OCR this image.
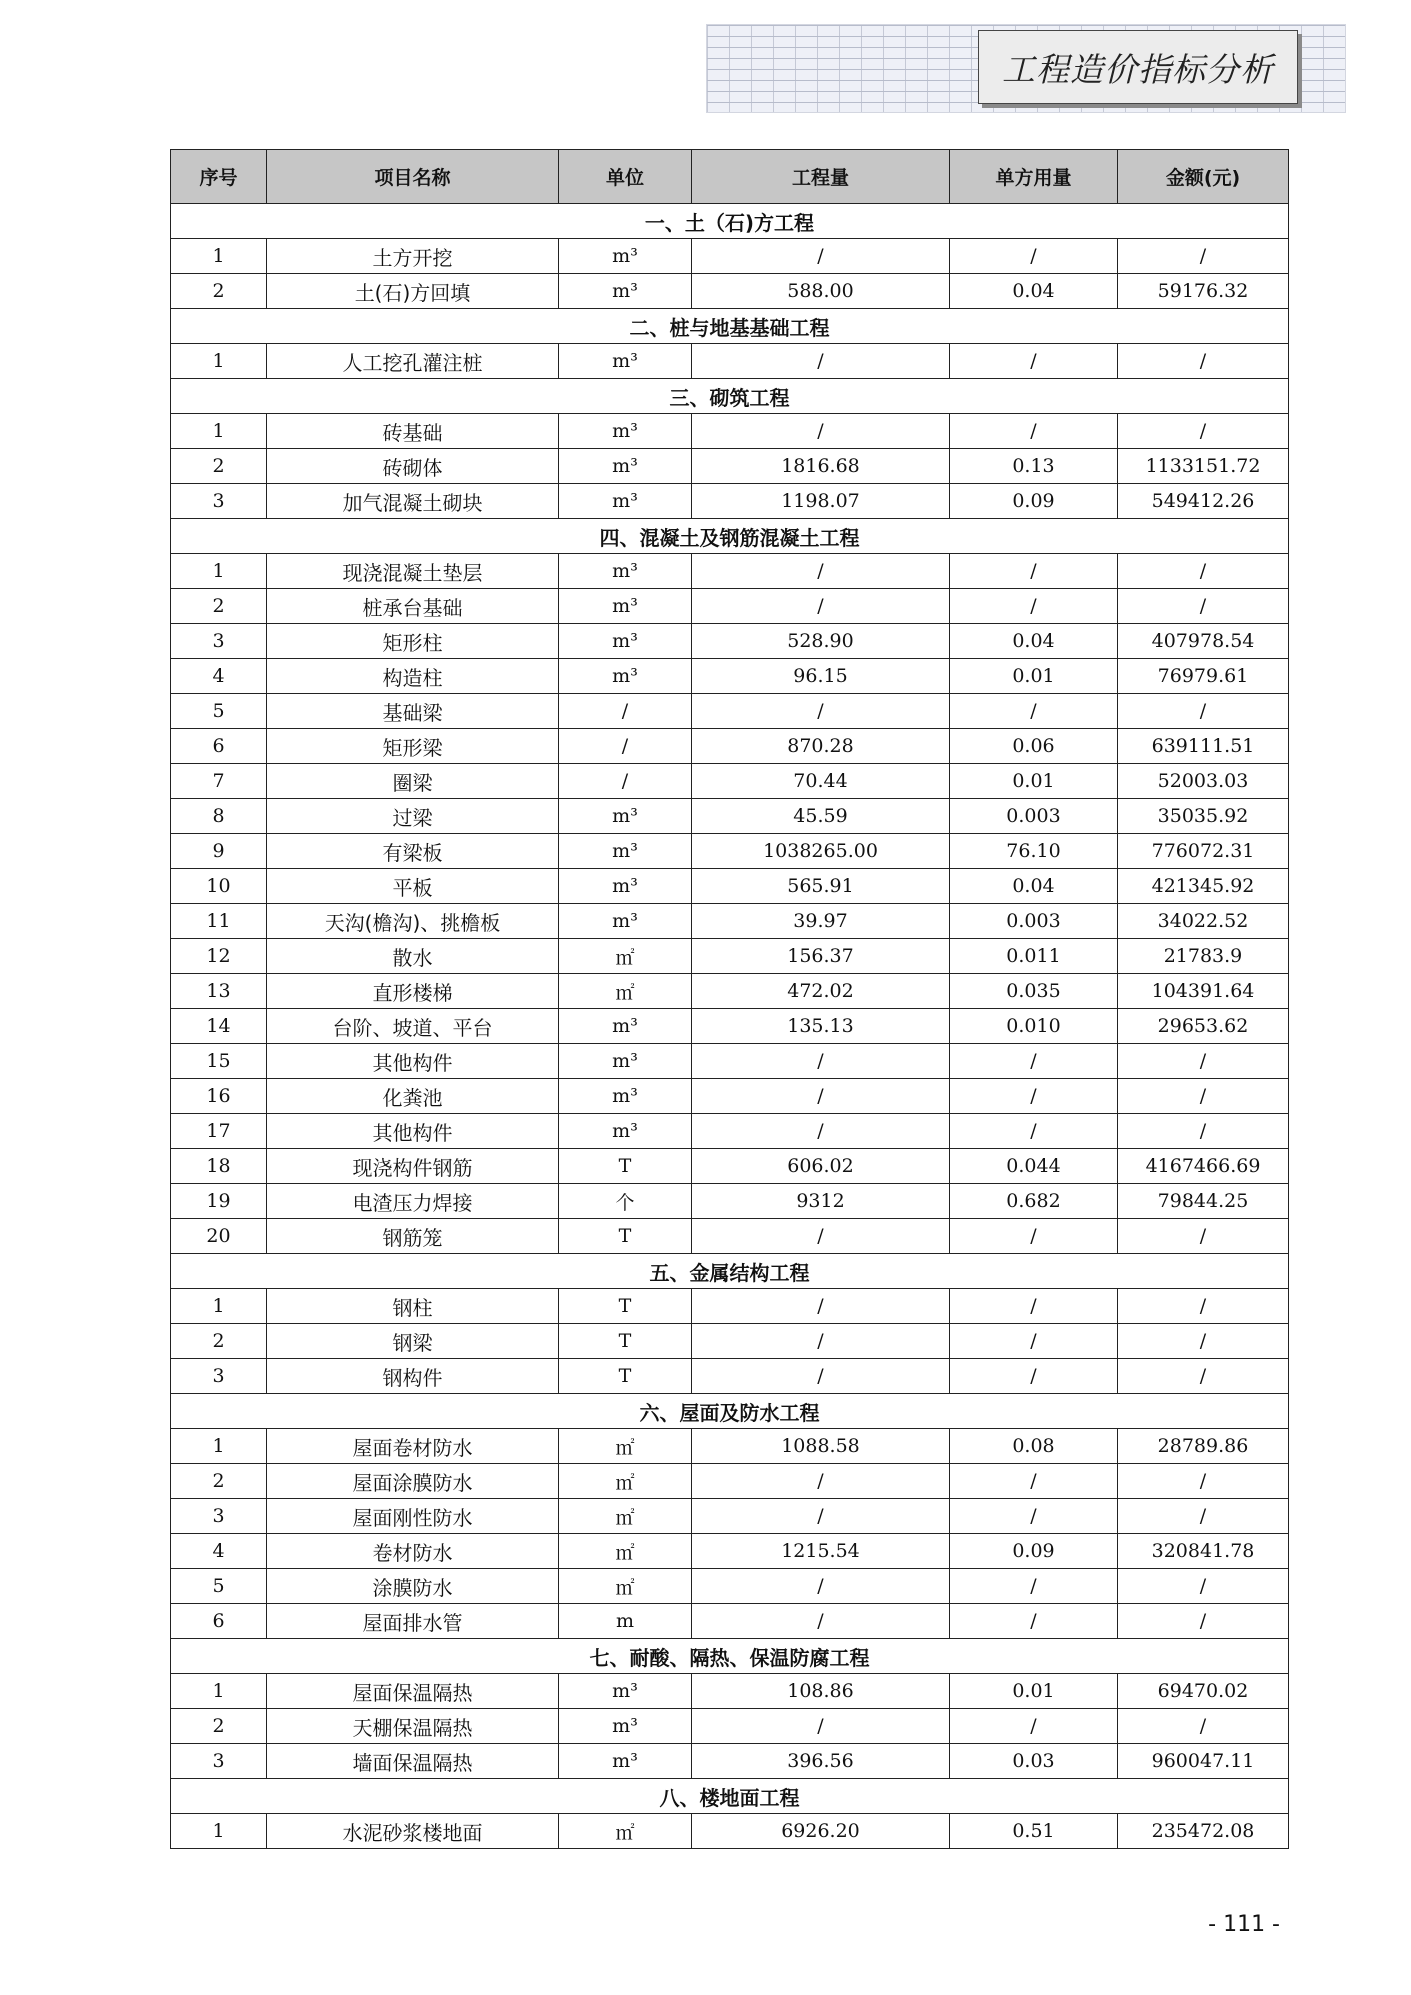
工程造价指标分析
序号	项目名称	单位	工程量	单方用量	金额(元)
一、土（石)方工程					
1	土方开挖	m³	/	/	/
2	土(石)方回填	m³	588.00	0.04	59176.32
二、桩与地基基础工程					
1	人工挖孔灌注桩	m³	/	/	/
三、砌筑工程					
1	砖基础	m³	/	/	/
2	砖砌体	m³	1816.68	0.13	1133151.72
3	加气混凝土砌块	m³	1198.07	0.09	549412.26
四、混凝土及钢筋混凝土工程					
1	现浇混凝土垫层	m³	/	/	/
2	桩承台基础	m³	/	/	/
3	矩形柱	m³	528.90	0.04	407978.54
4	构造柱	m³	96.15	0.01	76979.61
5	基础梁	/	/	/	/
6	矩形梁	/	870.28	0.06	639111.51
7	圈梁	/	70.44	0.01	52003.03
8	过梁	m³	45.59	0.003	35035.92
9	有梁板	m³	1038265.00	76.10	776072.31
10	平板	m³	565.91	0.04	421345.92
11	天沟(檐沟)、挑檐板	m³	39.97	0.003	34022.52
12	散水	㎡	156.37	0.011	21783.9
13	直形楼梯	㎡	472.02	0.035	104391.64
14	台阶、坡道、平台	m³	135.13	0.010	29653.62
15	其他构件	m³	/	/	/
16	化粪池	m³	/	/	/
17	其他构件	m³	/	/	/
18	现浇构件钢筋	T	606.02	0.044	4167466.69
19	电渣压力焊接	个	9312	0.682	79844.25
20	钢筋笼	T	/	/	/
五、金属结构工程					
1	钢柱	T	/	/	/
2	钢梁	T	/	/	/
3	钢构件	T	/	/	/
六、屋面及防水工程					
1	屋面卷材防水	㎡	1088.58	0.08	28789.86
2	屋面涂膜防水	㎡	/	/	/
3	屋面刚性防水	㎡	/	/	/
4	卷材防水	㎡	1215.54	0.09	320841.78
5	涂膜防水	㎡	/	/	/
6	屋面排水管	m	/	/	/
七、耐酸、隔热、保温防腐工程					
1	屋面保温隔热	m³	108.86	0.01	69470.02
2	天棚保温隔热	m³	/	/	/
3	墙面保温隔热	m³	396.56	0.03	960047.11
八、楼地面工程					
1	水泥砂浆楼地面	㎡	6926.20	0.51	235472.08
- 111 -
